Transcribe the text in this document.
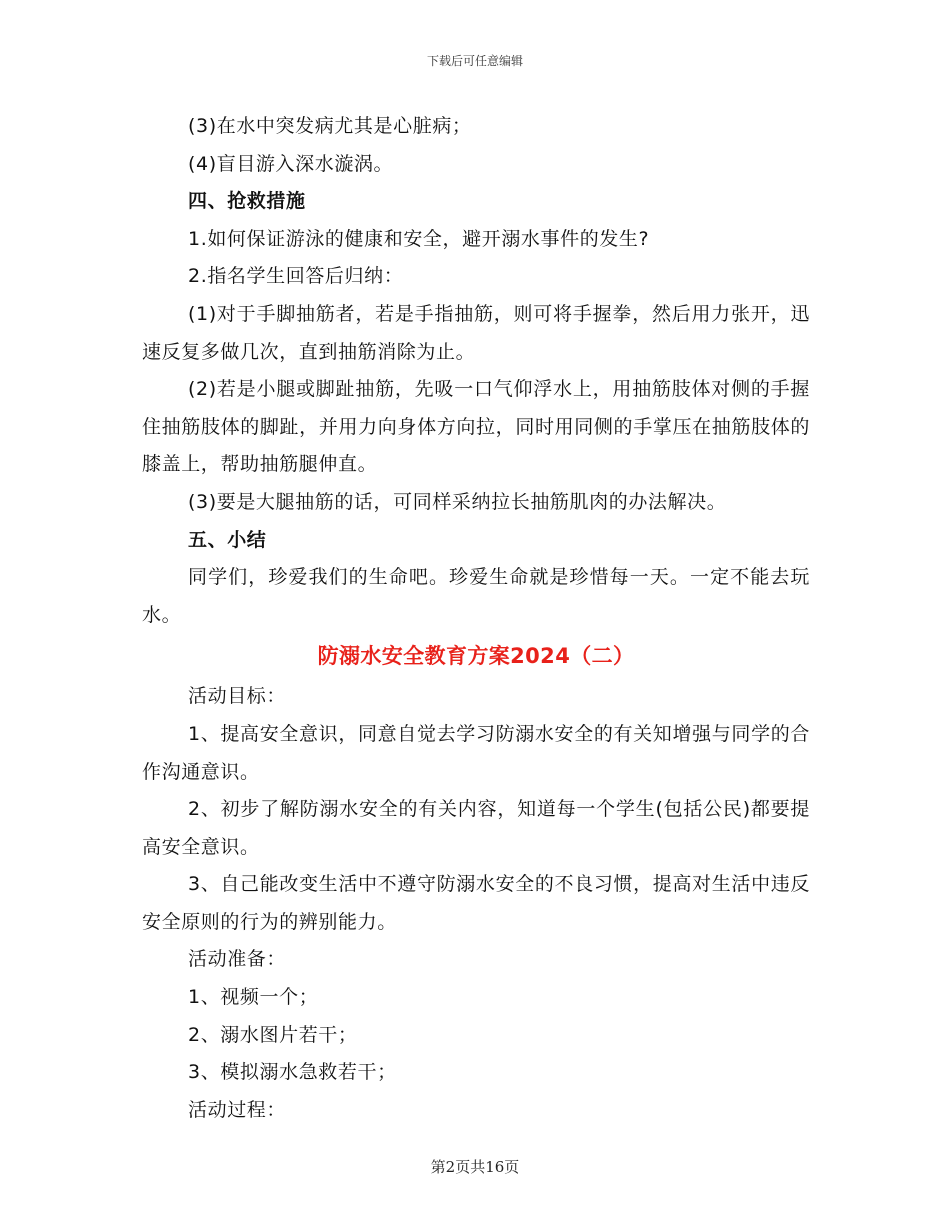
下载后可任意编辑

(3)在水中突发病尤其是心脏病；

(4)盲目游入深水漩涡。

四、抢救措施

1.如何保证游泳的健康和安全，避开溺水事件的发生?

2.指名学生回答后归纳：

(1)对于手脚抽筋者，若是手指抽筋，则可将手握拳，然后用力张开，迅速反复多做几次，直到抽筋消除为止。

(2)若是小腿或脚趾抽筋，先吸一口气仰浮水上，用抽筋肢体对侧的手握住抽筋肢体的脚趾，并用力向身体方向拉，同时用同侧的手掌压在抽筋肢体的膝盖上，帮助抽筋腿伸直。

(3)要是大腿抽筋的话，可同样采纳拉长抽筋肌肉的办法解决。

五、小结

同学们，珍爱我们的生命吧。珍爱生命就是珍惜每一天。一定不能去玩水。

防溺水安全教育方案2024（二）

活动目标：

1、提高安全意识，同意自觉去学习防溺水安全的有关知增强与同学的合作沟通意识。

2、初步了解防溺水安全的有关内容，知道每一个学生(包括公民)都要提高安全意识。

3、自己能改变生活中不遵守防溺水安全的不良习惯，提高对生活中违反安全原则的行为的辨别能力。

活动准备：

1、视频一个；

2、溺水图片若干；

3、模拟溺水急救若干；

活动过程：

第2页共16页
